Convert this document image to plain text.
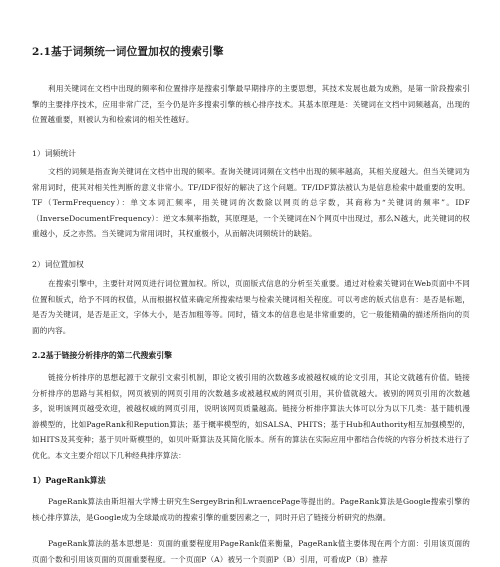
2.1基于词频统一词位置加权的搜索引擎
利用关键词在文档中出现的频率和位置排序是搜索引擎最早期排序的主要思想，其技术发展也最为成熟，是第一阶段搜索引擎的主要排序技术，应用非常广泛，至今仍是许多搜索引擎的核心排序技术。其基本原理是：关键词在文档中词频越高，出现的位置越重要，则被认为和检索词的相关性越好。
1）词频统计
文档的词频是指查询关键词在文档中出现的频率。查询关键词词频在文档中出现的频率越高，其相关度越大。但当关键词为常用词时，使其对相关性判断的意义非常小。TF/IDF很好的解决了这个问题。TF/IDF算法被认为是信息检索中最重要的发明。TF（TermFrequency）：单文本词汇频率，用关键词的次数除以网页的总字数，其商称为“关键词的频率”。IDF（InverseDocumentFrequency）：逆文本频率指数，其原理是，一个关键词在N个网页中出现过，那么N越大，此关键词的权重越小，反之亦然。当关键词为常用词时，其权重极小，从而解决词频统计的缺陷。
2）词位置加权
在搜索引擎中，主要针对网页进行词位置加权。所以，页面版式信息的分析至关重要。通过对检索关键词在Web页面中不同位置和版式，给予不同的权值，从而根据权值来确定所搜索结果与检索关键词相关程度。可以考虑的版式信息有：是否是标题，是否为关键词，是否是正文，字体大小，是否加粗等等。同时，锚文本的信息也是非常重要的，它一般能精确的描述所指向的页面的内容。
2.2基于链接分析排序的第二代搜索引擎
链接分析排序的思想起源于文献引文索引机制，即论文被引用的次数越多或被越权威的论文引用，其论文就越有价值。链接分析排序的思路与其相似，网页被别的网页引用的次数越多或被越权威的网页引用，其价值就越大。被别的网页引用的次数越多，说明该网页越受欢迎，被越权威的网页引用，说明该网页质量越高。链接分析排序算法大体可以分为以下几类：基于随机漫游模型的，比如PageRank和Repution算法；基于概率模型的，如SALSA、PHITS；基于Hub和Authority相互加强模型的，如HITS及其变种；基于贝叶斯模型的，如贝叶斯算法及其简化版本。所有的算法在实际应用中都结合传统的内容分析技术进行了优化。本文主要介绍以下几种经典排序算法：
1）PageRank算法
PageRank算法由斯坦福大学博士研究生SergeyBrin和LwraencePage等提出的。PageRank算法是Google搜索引擎的核心排序算法，是Google成为全球最成功的搜索引擎的重要因素之一，同时开启了链接分析研究的热潮。
PageRank算法的基本思想是：页面的重要程度用PageRank值来衡量，PageRank值主要体现在两个方面：引用该页面的页面个数和引用该页面的页面重要程度。一个页面P（A）被另一个页面P（B）引用，可看成P（B）推荐
